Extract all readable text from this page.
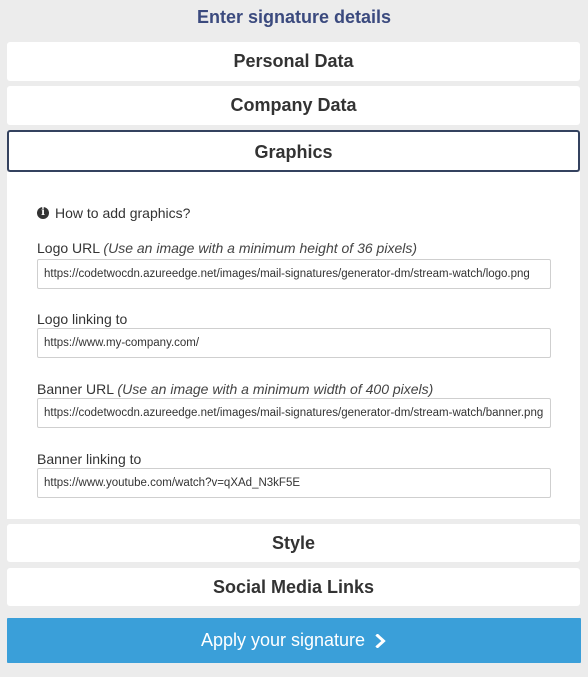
Enter signature details
Personal Data
Company Data
Graphics
i How to add graphics?
Logo URL (Use an image with a minimum height of 36 pixels)
https://codetwocdn.azureedge.net/images/mail-signatures/generator-dm/stream-watch/logo.png
Logo linking to
https://www.my-company.com/
Banner URL (Use an image with a minimum width of 400 pixels)
https://codetwocdn.azureedge.net/images/mail-signatures/generator-dm/stream-watch/banner.png
Banner linking to
https://www.youtube.com/watch?v=qXAd_N3kF5E
Style
Social Media Links
Apply your signature
